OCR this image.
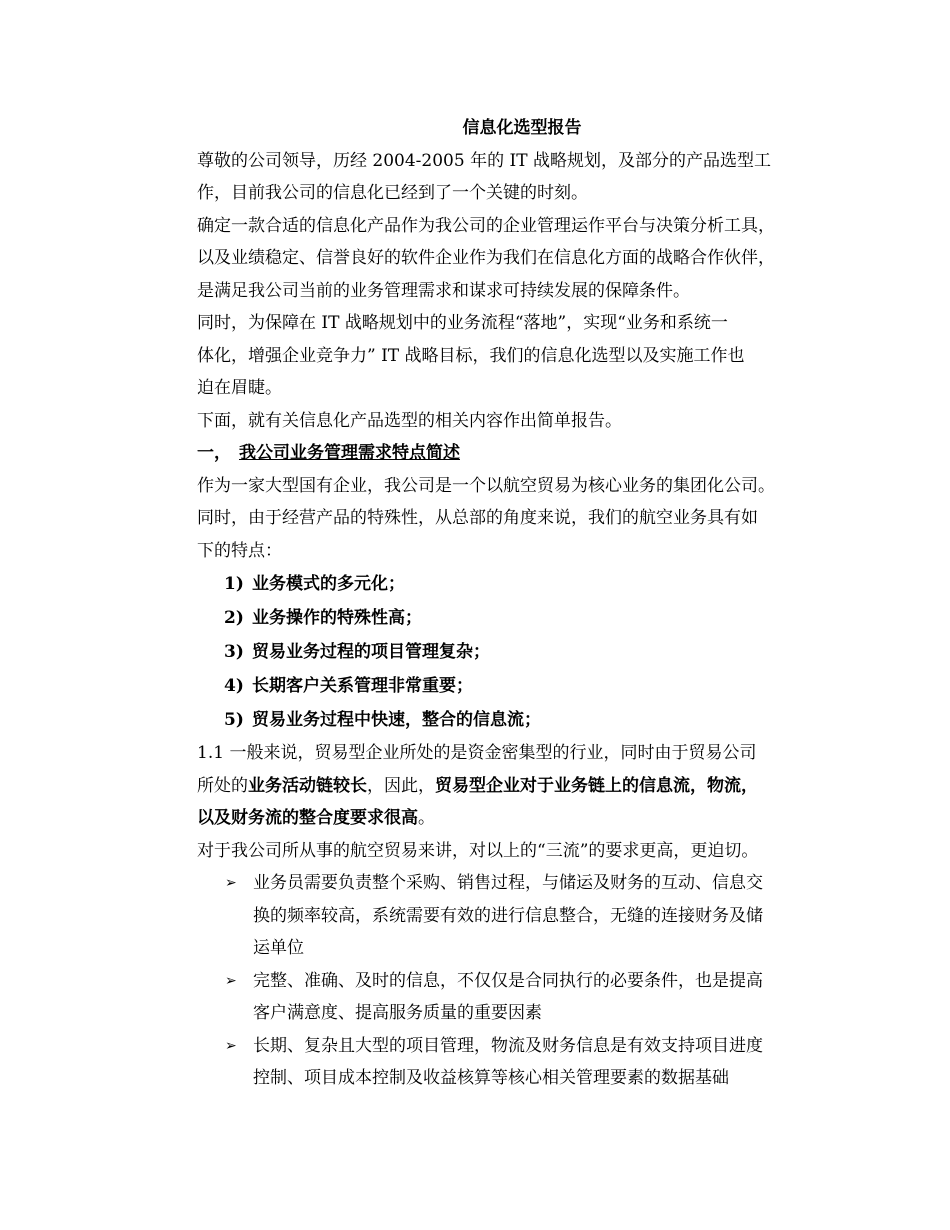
信息化选型报告
尊敬的公司领导，历经 2004-2005 年的 IT 战略规划，及部分的产品选型工
作，目前我公司的信息化已经到了一个关键的时刻。
确定一款合适的信息化产品作为我公司的企业管理运作平台与决策分析工具，
以及业绩稳定、信誉良好的软件企业作为我们在信息化方面的战略合作伙伴，
是满足我公司当前的业务管理需求和谋求可持续发展的保障条件。
同时，为保障在 IT 战略规划中的业务流程“落地”，实现“业务和系统一
体化，增强企业竞争力” IT 战略目标，我们的信息化选型以及实施工作也
迫在眉睫。
下面，就有关信息化产品选型的相关内容作出简单报告。
一， 我公司业务管理需求特点简述
作为一家大型国有企业，我公司是一个以航空贸易为核心业务的集团化公司。
同时，由于经营产品的特殊性，从总部的角度来说，我们的航空业务具有如
下的特点：
1) 业务模式的多元化；
2) 业务操作的特殊性高；
3) 贸易业务过程的项目管理复杂；
4) 长期客户关系管理非常重要；
5) 贸易业务过程中快速，整合的信息流；
1.1 一般来说，贸易型企业所处的是资金密集型的行业，同时由于贸易公司
所处的业务活动链较长，因此，贸易型企业对于业务链上的信息流，物流，
以及财务流的整合度要求很高。
对于我公司所从事的航空贸易来讲，对以上的“三流”的要求更高，更迫切。
➢ 业务员需要负责整个采购、销售过程，与储运及财务的互动、信息交
换的频率较高，系统需要有效的进行信息整合，无缝的连接财务及储
运单位
➢ 完整、准确、及时的信息，不仅仅是合同执行的必要条件，也是提高
客户满意度、提高服务质量的重要因素
➢ 长期、复杂且大型的项目管理，物流及财务信息是有效支持项目进度
控制、项目成本控制及收益核算等核心相关管理要素的数据基础
